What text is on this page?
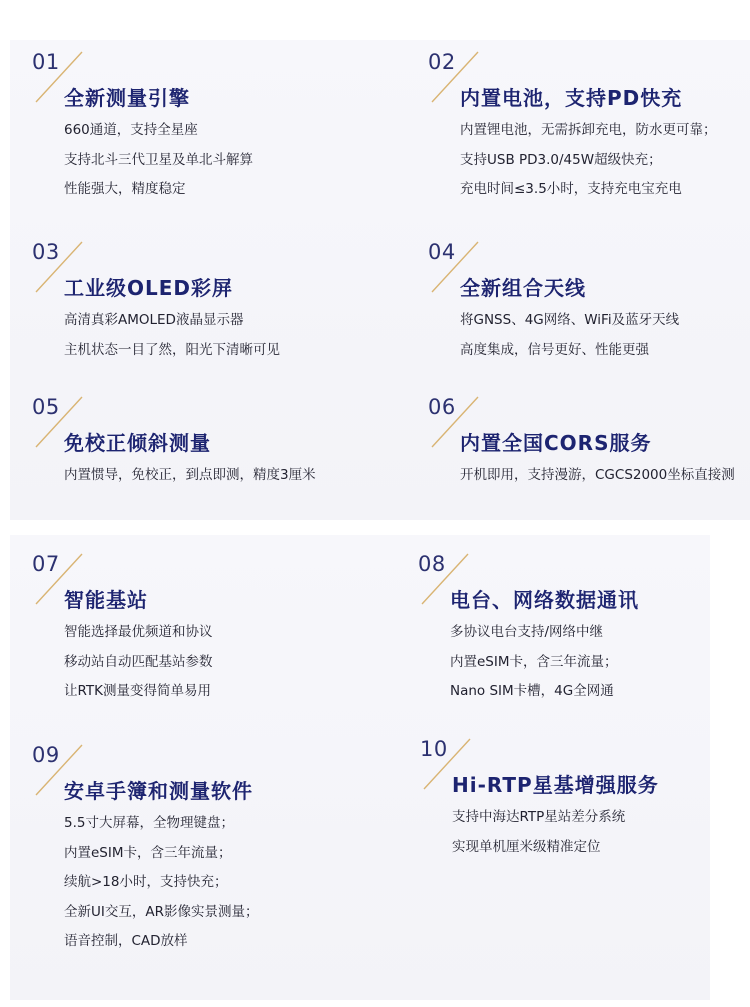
01
全新测量引擎
660通道，支持全星座
支持北斗三代卫星及单北斗解算
性能强大，精度稳定
02
内置电池，支持PD快充
内置锂电池，无需拆卸充电，防水更可靠；
支持USB PD3.0/45W超级快充；
充电时间≤3.5小时，支持充电宝充电
03
工业级OLED彩屏
高清真彩AMOLED液晶显示器
主机状态一目了然，阳光下清晰可见
04
全新组合天线
将GNSS、4G网络、WiFi及蓝牙天线
高度集成，信号更好、性能更强
05
免校正倾斜测量
内置惯导，免校正，到点即测，精度3厘米
06
内置全国CORS服务
开机即用，支持漫游，CGCS2000坐标直接测
07
智能基站
智能选择最优频道和协议
移动站自动匹配基站参数
让RTK测量变得简单易用
08
电台、网络数据通讯
多协议电台支持/网络中继
内置eSIM卡，含三年流量；
Nano SIM卡槽，4G全网通
09
安卓手簿和测量软件
5.5寸大屏幕，全物理键盘；
内置eSIM卡，含三年流量；
续航>18小时，支持快充；
全新UI交互，AR影像实景测量；
语音控制，CAD放样
10
Hi-RTP星基增强服务
支持中海达RTP星站差分系统
实现单机厘米级精准定位
